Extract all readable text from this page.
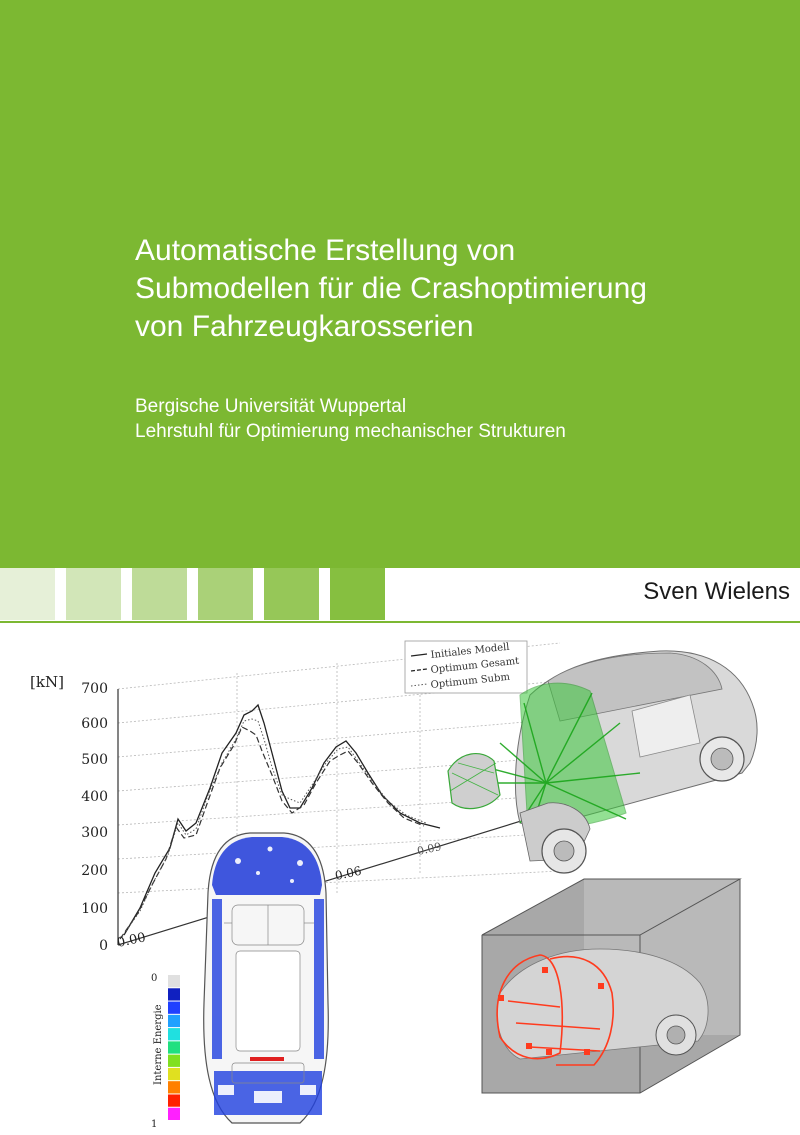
Automatische Erstellung von
Submodellen für die Crashoptimierung
von Fahrzeugkarosserien
Bergische Universität Wuppertal
Lehrstuhl für Optimierung mechanischer Strukturen
Sven Wielens
Initiales Modell
Optimum Gesamt
Optimum Subm
[kN] 700
600
500
400
300
200
100
0 0.00
0.06
0.09
0
1
Interne Energie
